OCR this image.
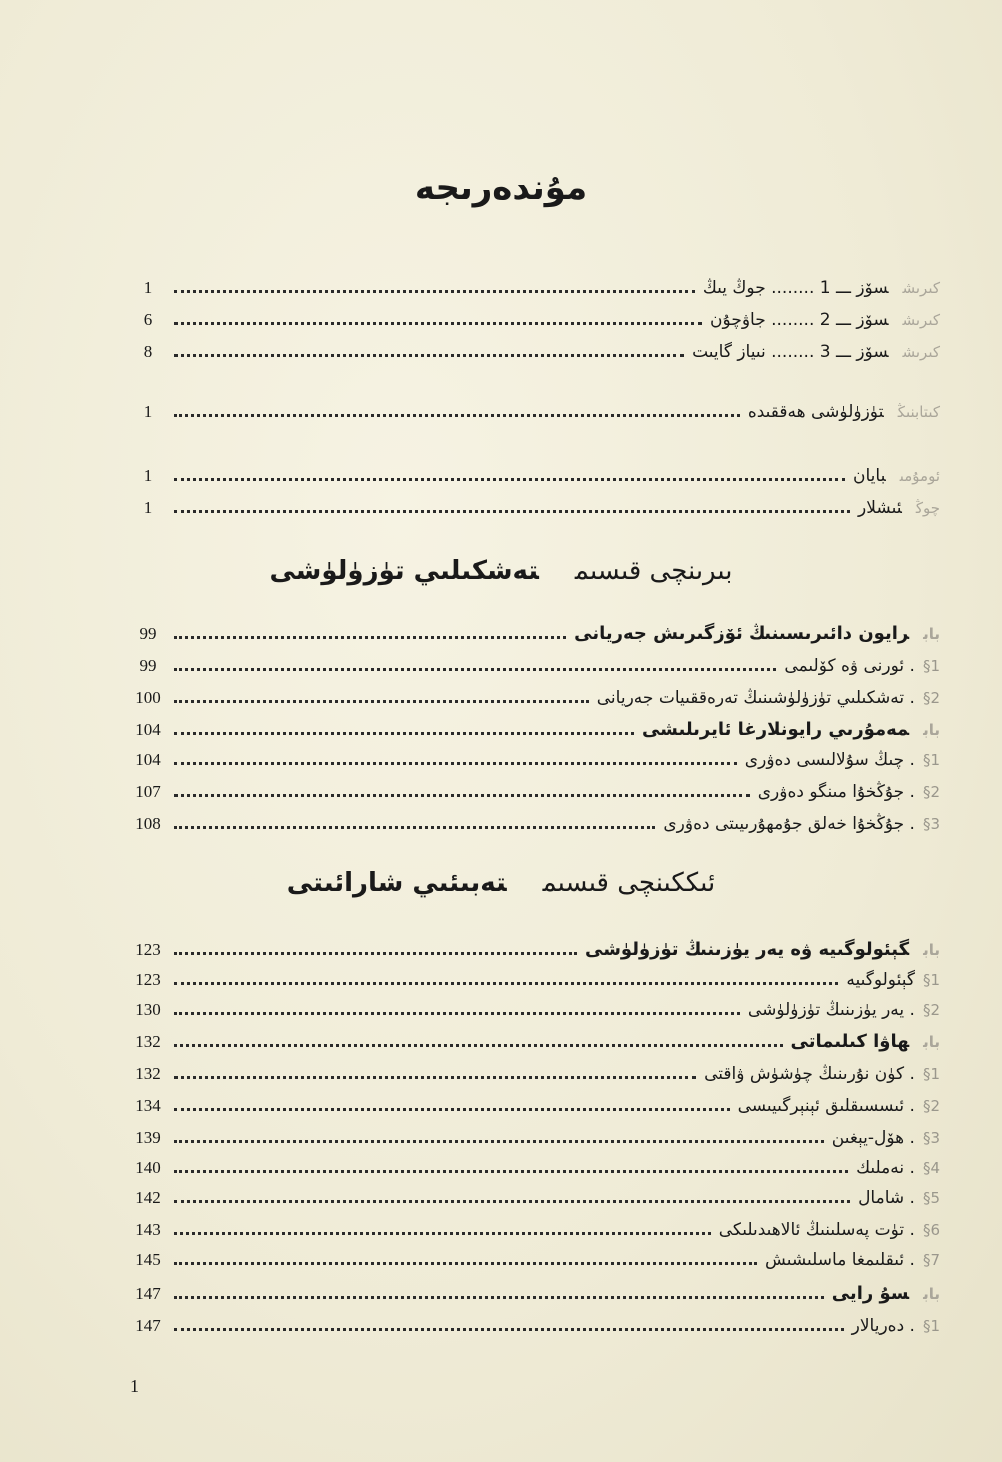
مۇندەرىجە
1	كىرىشسۆز ـــ 1 ........ جوڭ يىڭ
6	كىرىشسۆز ـــ 2 ........ جاۋچۇن
8	كىرىشسۆز ـــ 3 ........ نىياز گايىت
1	كىتابنىڭتۈزۈلۈشى ھەققىدە
1	ئومۇمىبايان
1	چوڭئىشلار
بىرىنچى قىسىمتەشكىلىي تۈزۈلۈشى
99	بابرايون دائىرىسىنىڭ ئۆزگىرىش جەريانى
99	1§. ئورنى ۋە كۆلىمى
100	2§. تەشكىلىي تۈزۈلۈشىنىڭ تەرەققىيات جەريانى
104	بابمەمۇرىي رايونلارغا ئايرىلىشى
104	1§. چىڭ سۇلالىسى دەۋرى
107	2§. جۇڭخۇا مىنگو دەۋرى
108	3§. جۇڭخۇا خەلق جۇمھۇرىيىتى دەۋرى
ئىككىنچى قىسىمتەبىئىي شارائىتى
123	بابگېئولوگىيە ۋە يەر يۈزىنىڭ تۈزۈلۈشى
123	1§گېئولوگىيە
130	2§. يەر يۈزىنىڭ تۈزۈلۈشى
132	بابھاۋا كىلىماتى
132	1§. كۈن نۇرىنىڭ چۈشۈش ۋاقتى
134	2§. ئىسسىقلىق ئېنېرگىيىسى
139	3§. ھۆل-يېغىن
140	4§. نەملىك
142	5§. شامال
143	6§. تۈت پەسلىنىڭ ئالاھىدىلىكى
145	7§. ئىقلىمغا ماسلىشىش
147	بابسۇ رايى
147	1§. دەريالار
1
